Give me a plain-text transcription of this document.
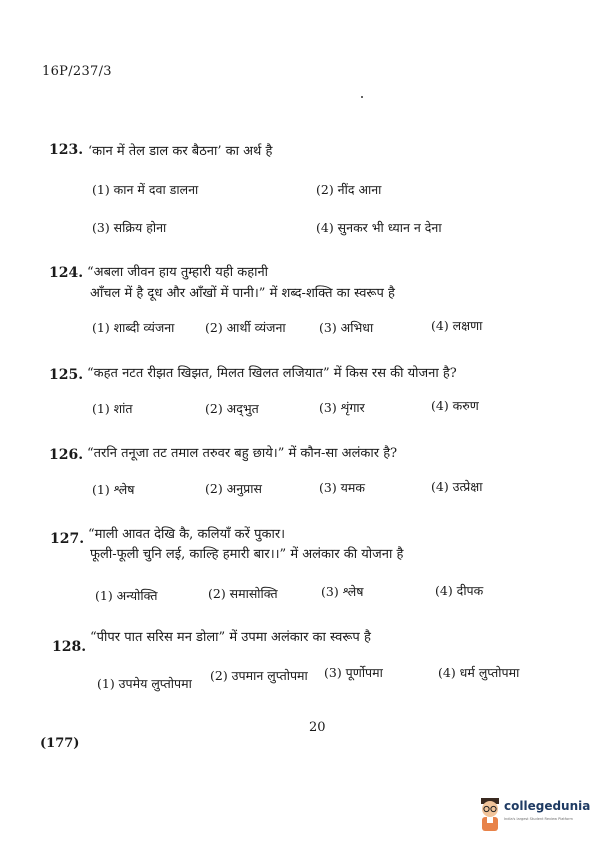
16P/237/3
123. ‘कान में तेल डाल कर बैठना’ का अर्थ है
(1) कान में दवा डालना	(2) नींद आना
(3) सक्रिय होना	(4) सुनकर भी ध्यान न देना
124. “अबला जीवन हाय तुम्हारी यही कहानी
आँचल में है दूध और आँखों में पानी।” में शब्द-शक्ति का स्वरूप है
(1) शाब्दी व्यंजना (2) आर्थी व्यंजना	(3) अभिधा	(4) लक्षणा
125. “कहत नटत रीझत खिझत, मिलत खिलत लजियात” में किस रस की योजना है?
(1) शांत	(2) अद्‌भुत	(3) शृंगार	(4) करुण
126. “तरनि तनूजा तट तमाल तरुवर बहु छाये।” में कौन-सा अलंकार है?
(1) श्लेष	(2) अनुप्रास	(3) यमक	(4) उत्प्रेक्षा
127. “माली आवत देखि कै, कलियाँ करें पुकार।
फूली-फूली चुनि लई, काल्हि हमारी बार।।” में अलंकार की योजना है
(1) अन्योक्ति	(2) समासोक्ति	(3) श्लेष	(4) दीपक
128.
“पीपर पात सरिस मन डोला” में उपमा अलंकार का स्वरूप है
(1) उपमेय लुप्तोपमा
(2) उपमान लुप्तोपमा (3) पूर्णोपमा	(4) धर्म लुप्तोपमा
20
(177)
collegedunia
India's largest Student Review Platform
